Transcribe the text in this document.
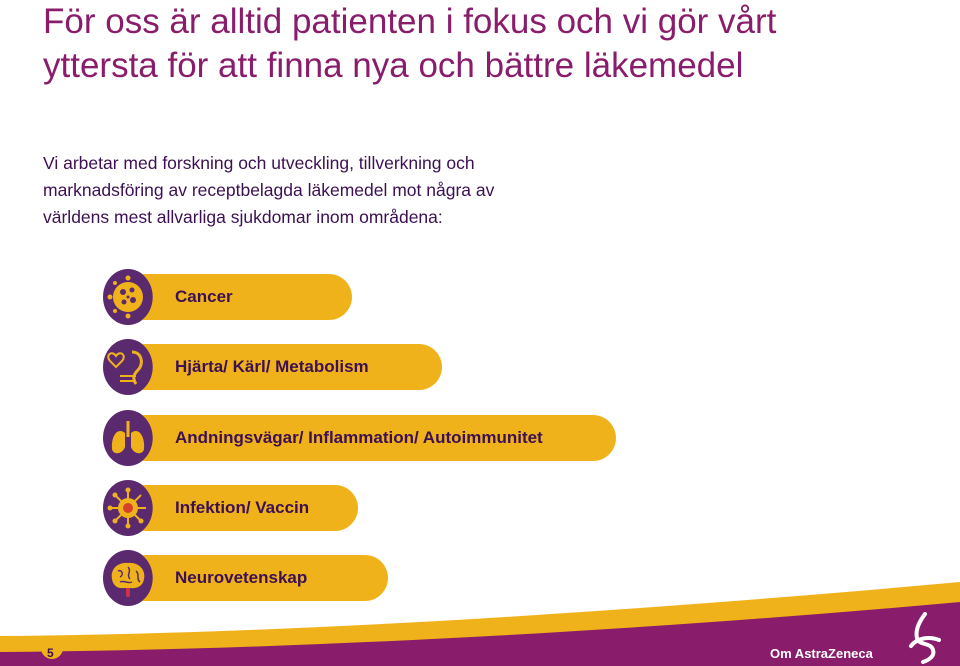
För oss är alltid patienten i fokus och vi gör vårt
yttersta för att finna nya och bättre läkemedel

Vi arbetar med forskning och utveckling, tillverkning och
marknadsföring av receptbelagda läkemedel mot några av
världens mest allvarliga sjukdomar inom områdena:

Cancer
Hjärta/ Kärl/ Metabolism
Andningsvägar/ Inflammation/ Autoimmunitet
Infektion/ Vaccin
Neurovetenskap
5	Om AstraZeneca
